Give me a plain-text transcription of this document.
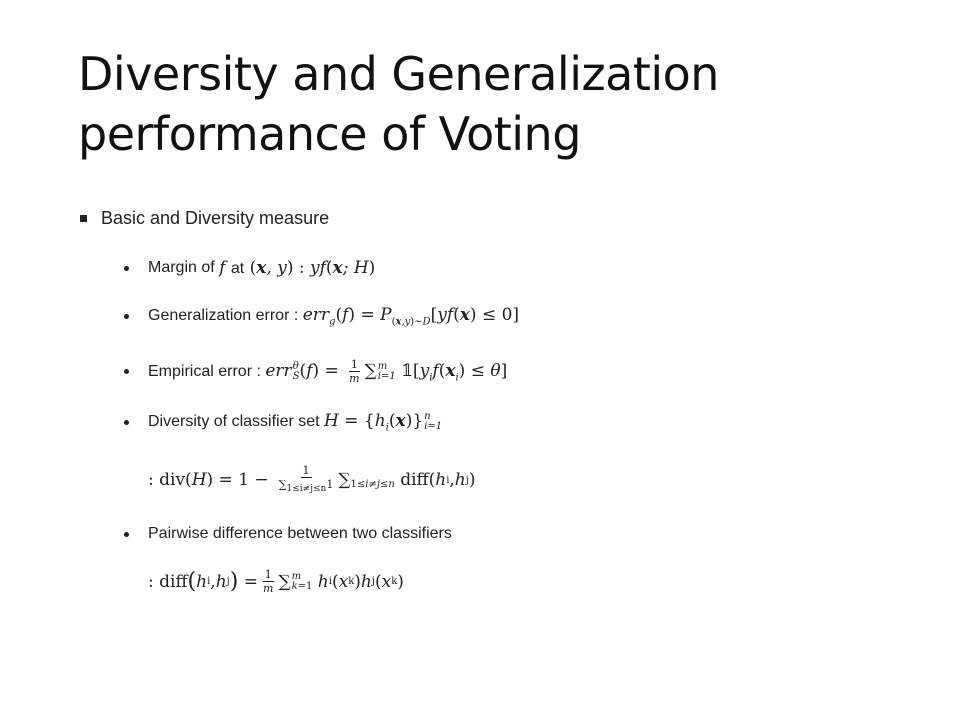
Diversity and Generalization
performance of Voting
Basic and Diversity measure
Margin of
f at (x, y) : yf(x; H)
Generalization error :
$err_g(f) = P_{(x,y)\sim D}[yf(x) \le 0]$
Empirical error :
err θ
S $(f) = \frac{1}{m}$ ∑ m
i=1 $𝟙[y_if(x_i) \le \theta]$
Diversity of classifier set
$H = \{h_i(x)\}$ n
i=1
: div( H ) = $1 - \frac{1}{\sum_{1\le i\ne j\le n}1}$ ∑ 1≤i≠j≤n diff( h i , h j )
Pairwise difference between two classifiers
: diff ( h i , h j ) = $\frac{1}{m}$ ∑ m
k=1
h i ( x k ) h j ( x k )
